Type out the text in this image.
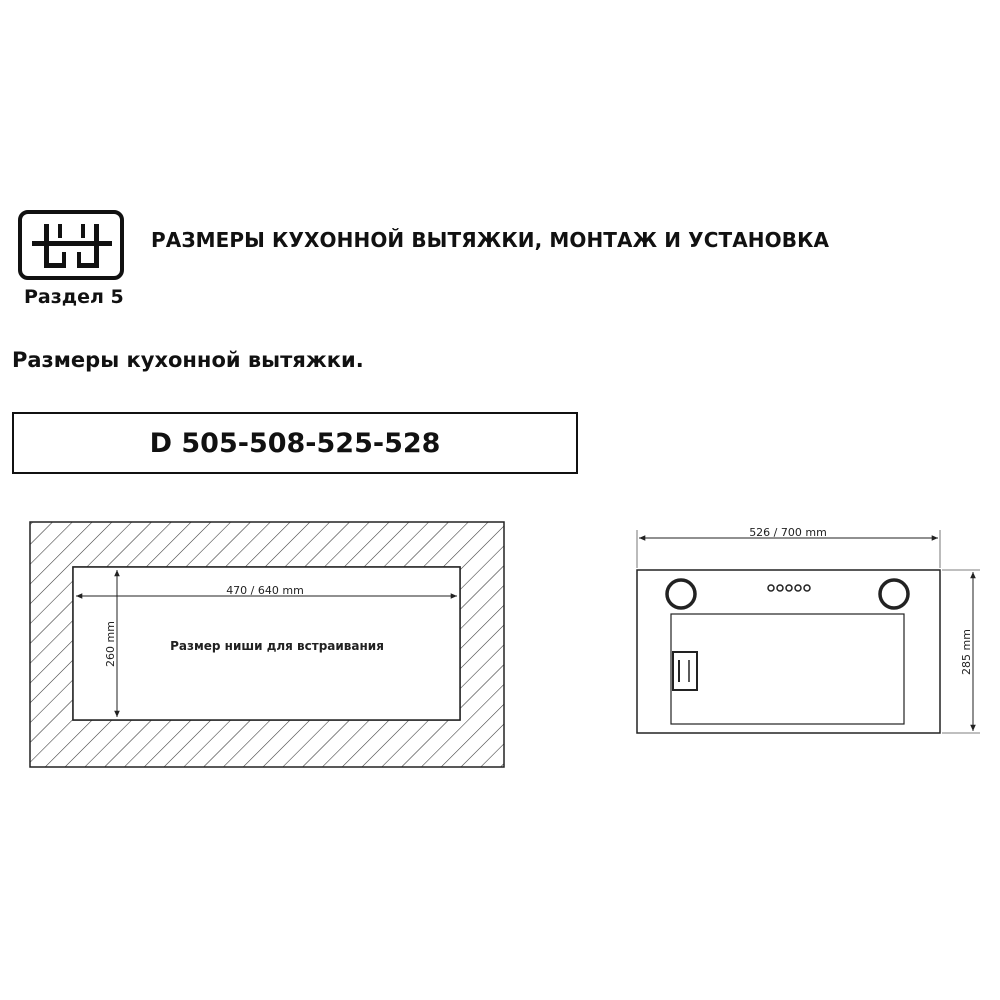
Раздел 5
РАЗМЕРЫ КУХОННОЙ ВЫТЯЖКИ, МОНТАЖ И УСТАНОВКА
Размеры кухонной вытяжки.
D 505-508-525-528
470 / 640 mm
260 mm	Размер ниши для встраивания
526 / 700 mm
285 mm
